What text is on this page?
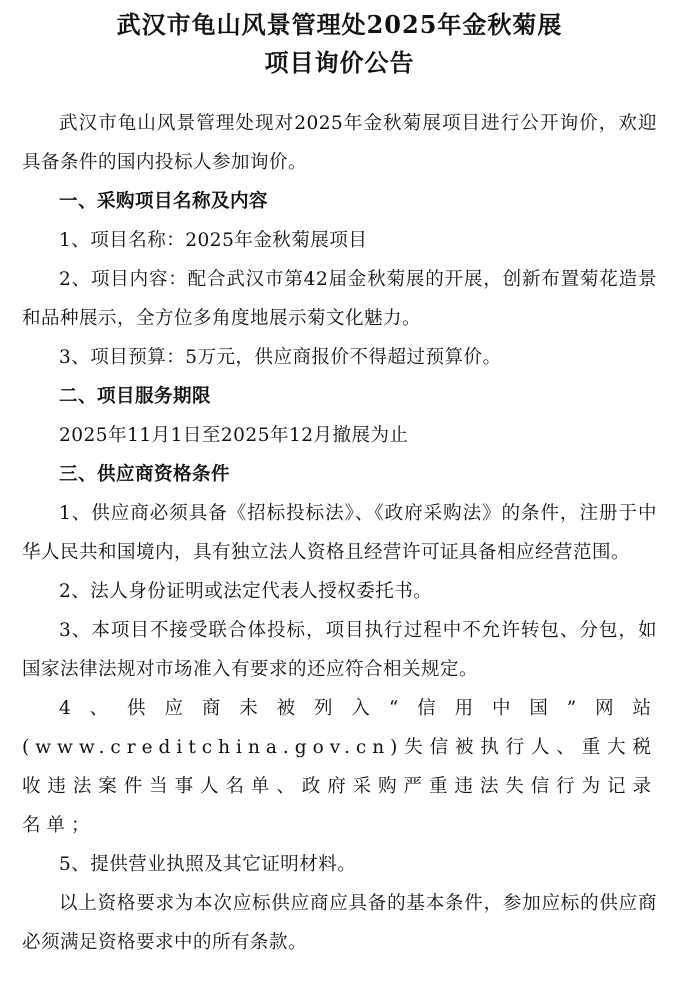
武汉市龟山风景管理处2025年金秋菊展
项目询价公告

武汉市龟山风景管理处现对2025年金秋菊展项目进行公开询价，欢迎具备条件的国内投标人参加询价。

一、采购项目名称及内容

1、项目名称：2025年金秋菊展项目

2、项目内容：配合武汉市第42届金秋菊展的开展，创新布置菊花造景和品种展示，全方位多角度地展示菊文化魅力。

3、项目预算：5万元，供应商报价不得超过预算价。

二、项目服务期限

2025年11月1日至2025年12月撤展为止

三、供应商资格条件

1、供应商必须具备《招标投标法》、《政府采购法》的条件，注册于中华人民共和国境内，具有独立法人资格且经营许可证具备相应经营范围。

2、法人身份证明或法定代表人授权委托书。

3、本项目不接受联合体投标，项目执行过程中不允许转包、分包，如国家法律法规对市场准入有要求的还应符合相关规定。

4、供应商未被列入“信用中国”网站(www.creditchina.gov.cn)失信被执行人、重大税收违法案件当事人名单、政府采购严重违法失信行为记录名单；

5、提供营业执照及其它证明材料。

以上资格要求为本次应标供应商应具备的基本条件，参加应标的供应商必须满足资格要求中的所有条款。
